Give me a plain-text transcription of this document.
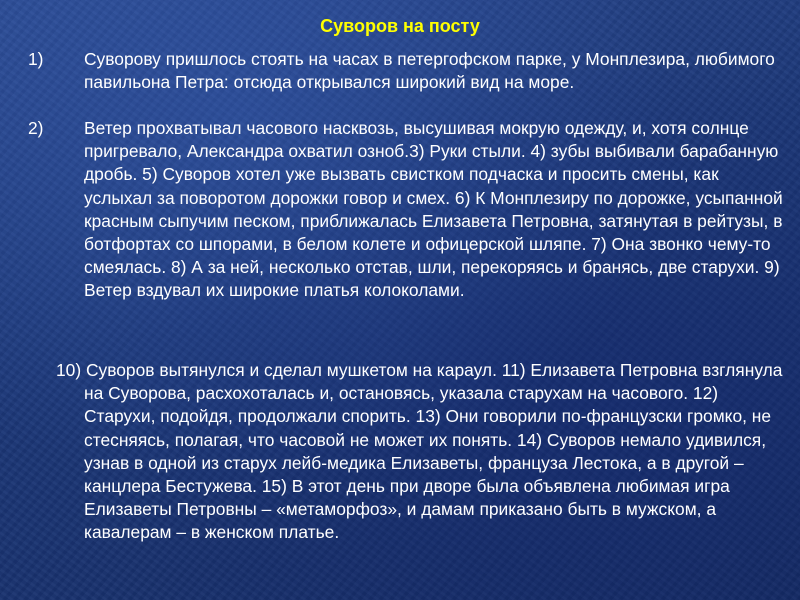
Суворов на посту
1)	Суворову пришлось стоять на часах в петергофском парке, у Монплезира, любимого павильона Петра: отсюда открывался широкий вид на море.
2)	Ветер прохватывал часового насквозь, высушивая мокрую одежду, и, хотя солнце пригревало, Александра охватил озноб.3) Руки стыли. 4) зубы выбивали барабанную дробь. 5) Суворов хотел уже вызвать свистком подчаска и просить смены, как услыхал за поворотом дорожки говор и смех. 6) К Монплезиру по дорожке, усыпанной красным сыпучим песком, приближалась Елизавета Петровна, затянутая в рейтузы, в ботфортах со шпорами, в белом колете и офицерской шляпе. 7) Она звонко чему-то смеялась. 8) А за ней, несколько отстав, шли, перекоряясь и бранясь, две старухи. 9) Ветер вздувал их широкие платья колоколами.
10) Суворов вытянулся и сделал мушкетом на караул. 11) Елизавета Петровна взглянула на Суворова, расхохоталась и, остановясь, указала старухам на часового. 12) Старухи, подойдя, продолжали спорить. 13) Они говорили по-французски громко, не стесняясь, полагая, что часовой не может их понять. 14) Суворов немало удивился, узнав в одной из старух лейб-медика Елизаветы, француза Лестока, а в другой – канцлера Бестужева. 15) В этот день при дворе была объявлена любимая игра Елизаветы Петровны – «метаморфоз», и дамам приказано быть в мужском, а кавалерам – в женском платье.
